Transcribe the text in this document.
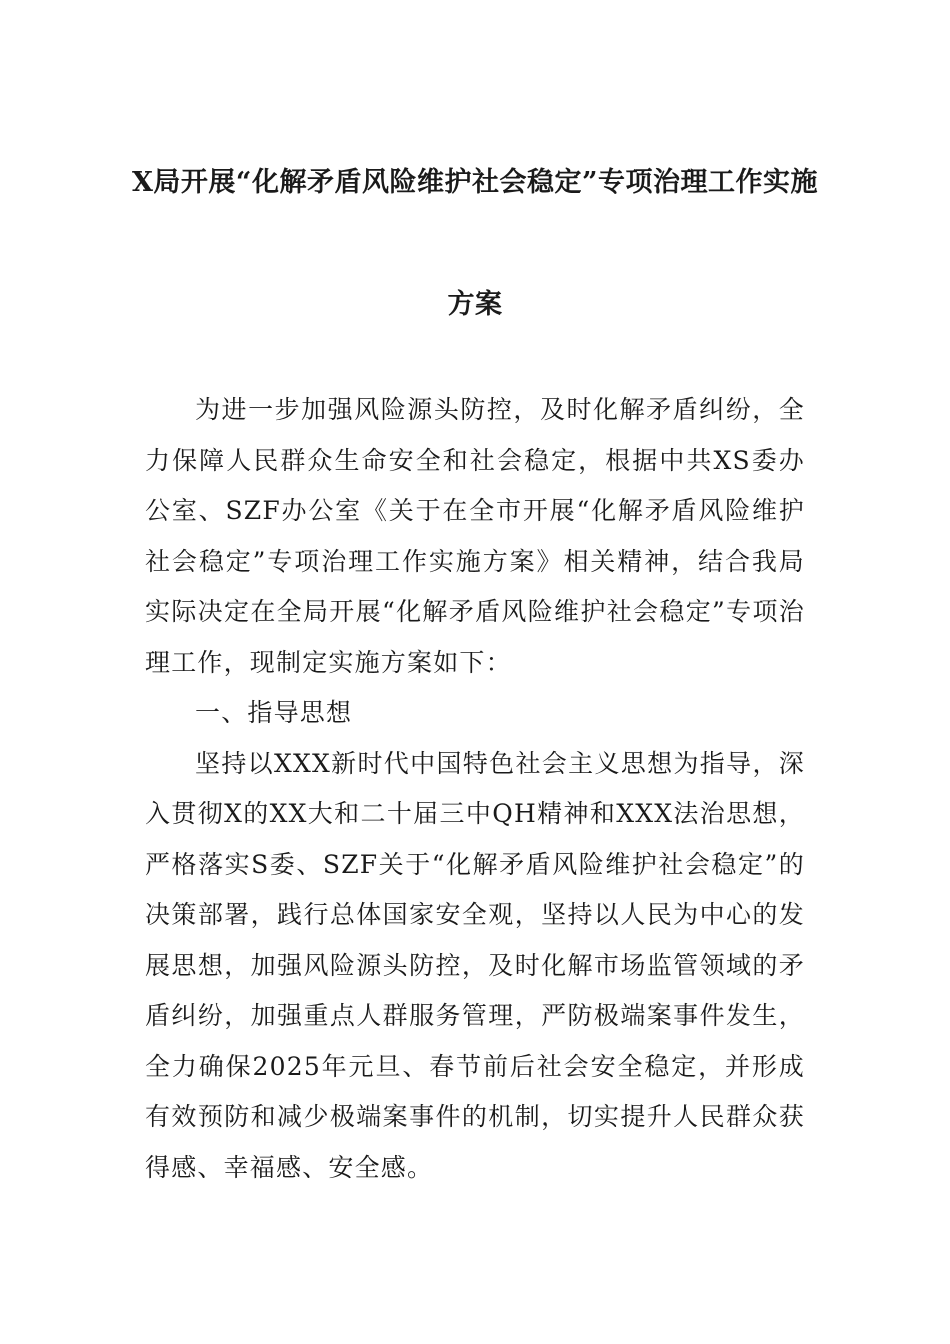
X局开展“化解矛盾风险维护社会稳定”专项治理工作实施
方案

为进一步加强风险源头防控，及时化解矛盾纠纷，全力保障人民群众生命安全和社会稳定，根据中共XS委办公室、SZF办公室《关于在全市开展“化解矛盾风险维护社会稳定”专项治理工作实施方案》相关精神，结合我局实际决定在全局开展“化解矛盾风险维护社会稳定”专项治理工作，现制定实施方案如下：

一、指导思想

坚持以XXX新时代中国特色社会主义思想为指导，深入贯彻X的XX大和二十届三中QH精神和XXX法治思想，严格落实S委、SZF关于“化解矛盾风险维护社会稳定”的决策部署，践行总体国家安全观，坚持以人民为中心的发展思想，加强风险源头防控，及时化解市场监管领域的矛盾纠纷，加强重点人群服务管理，严防极端案事件发生，全力确保2025年元旦、春节前后社会安全稳定，并形成有效预防和减少极端案事件的机制，切实提升人民群众获得感、幸福感、安全感。
